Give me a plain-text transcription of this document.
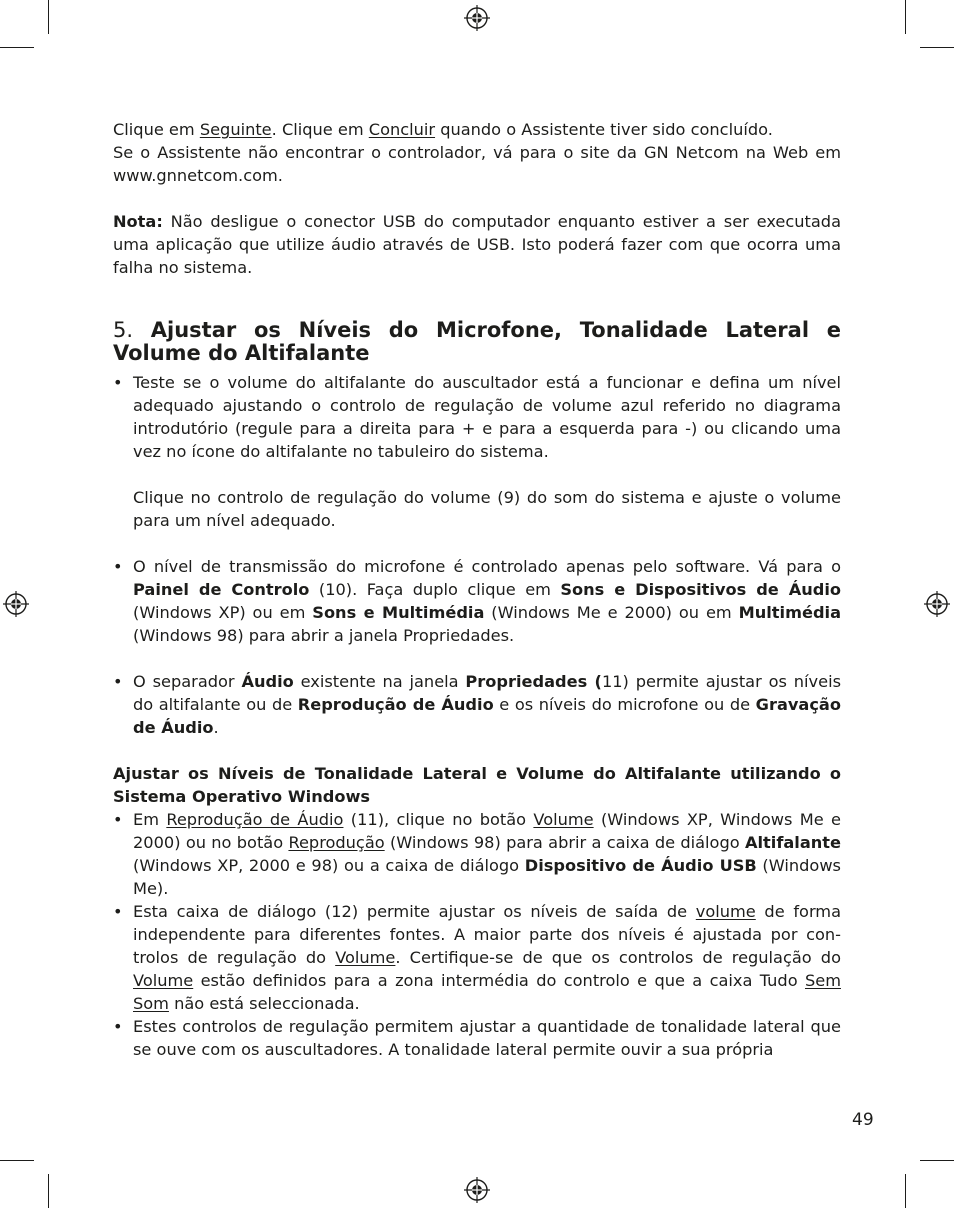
Clique em Seguinte. Clique em Concluir quando o Assistente tiver sido concluído.

Se o Assistente não encontrar o controlador, vá para o site da GN Netcom na Web em www.gnnetcom.com.

Nota: Não desligue o conector USB do computador enquanto estiver a ser executada uma aplicação que utilize áudio através de USB. Isto poderá fazer com que ocorra uma falha no sistema.

5. Ajustar os Níveis do Microfone, Tonalidade Lateral e Volume do Altifalante
• Teste se o volume do altifalante do auscultador está a funcionar e defina um nível adequado ajustando o controlo de regulação de volume azul referido no diagrama introdutório (regule para a direita para + e para a esquerda para -) ou clicando uma vez no ícone do altifalante no tabuleiro do sistema.

Clique no controlo de regulação do volume (9) do som do sistema e ajuste o volume para um nível adequado.

• O nível de transmissão do microfone é controlado apenas pelo software. Vá para o Painel de Controlo (10). Faça duplo clique em Sons e Dispositivos de Áudio (Windows XP) ou em Sons e Multimédia (Windows Me e 2000) ou em Multimédia (Windows 98) para abrir a janela Propriedades.
• O separador Áudio existente na janela Propriedades (11) permite ajustar os níveis do altifalante ou de Reprodução de Áudio e os níveis do microfone ou de Gravação de Áudio.

Ajustar os Níveis de Tonalidade Lateral e Volume do Altifalante utilizando o Sistema Operativo Windows

• Em Reprodução de Áudio (11), clique no botão Volume (Windows XP, Windows Me e 2000) ou no botão Reprodução (Windows 98) para abrir a caixa de diálogo Altifalante (Windows XP, 2000 e 98) ou a caixa de diálogo Dispositivo de Áudio USB (Windows Me).
• Esta caixa de diálogo (12) permite ajustar os níveis de saída de volume de forma independente para diferentes fontes. A maior parte dos níveis é ajustada por con-trolos de regulação do Volume. Certifique-se de que os controlos de regulação do Volume estão definidos para a zona intermédia do controlo e que a caixa Tudo Sem Som não está seleccionada.
• Estes controlos de regulação permitem ajustar a quantidade de tonalidade lateral que se ouve com os auscultadores. A tonalidade lateral permite ouvir a sua própria
49
